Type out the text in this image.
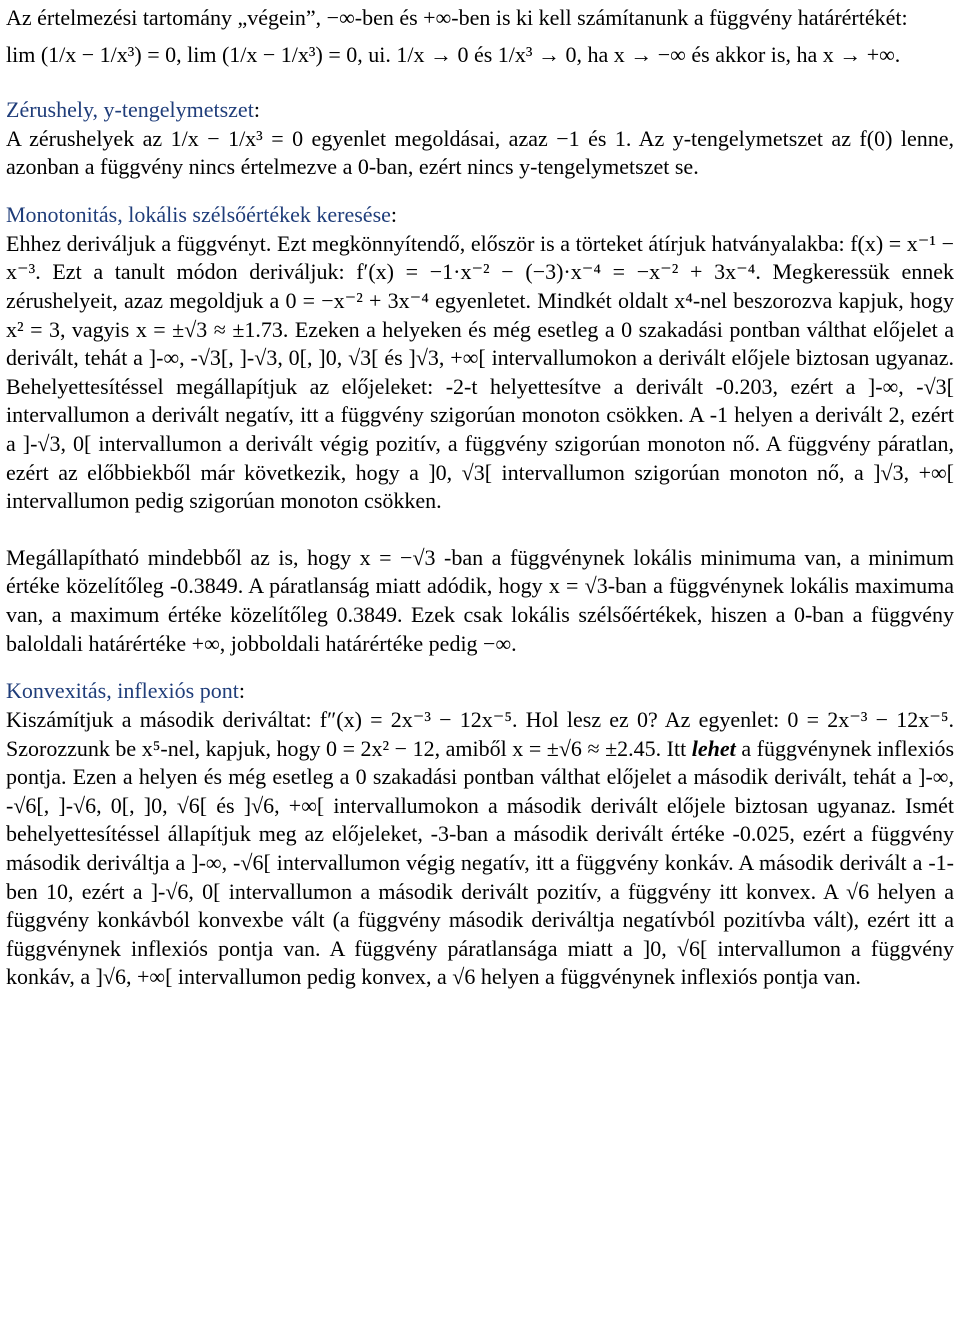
Az értelmezési tartomány „végein”, −∞-ben és +∞-ben is ki kell számítanunk a függvény határértékét:

lim (1/x − 1/x³) = 0, lim (1/x − 1/x³) = 0, ui. 1/x → 0 és 1/x³ → 0, ha x → −∞ és akkor is, ha x → +∞.

Zérushely, y-tengelymetszet:

A zérushelyek az 1/x − 1/x³ = 0 egyenlet megoldásai, azaz −1 és 1. Az y-tengelymetszet az f(0) lenne, azonban a függvény nincs értelmezve a 0-ban, ezért nincs y-tengelymetszet se.

Monotonitás, lokális szélsőértékek keresése:

Ehhez deriváljuk a függvényt. Ezt megkönnyítendő, először is a törteket átírjuk hatványalakba: f(x) = x⁻¹ − x⁻³. Ezt a tanult módon deriváljuk: f′(x) = −1·x⁻² − (−3)·x⁻⁴ = −x⁻² + 3x⁻⁴. Megkeressük ennek zérushelyeit, azaz megoldjuk a 0 = −x⁻² + 3x⁻⁴ egyenletet. Mindkét oldalt x⁴-nel beszorozva kapjuk, hogy x² = 3, vagyis x = ±√3 ≈ ±1.73. Ezeken a helyeken és még esetleg a 0 szakadási pontban válthat előjelet a derivált, tehát a ]-∞, -√3[, ]-√3, 0[, ]0, √3[ és ]√3, +∞[ intervallumokon a derivált előjele biztosan ugyanaz. Behelyettesítéssel megállapítjuk az előjeleket: -2-t helyettesítve a derivált -0.203, ezért a ]-∞, -√3[ intervallumon a derivált negatív, itt a függvény szigorúan monoton csökken. A -1 helyen a derivált 2, ezért a ]-√3, 0[ intervallumon a derivált végig pozitív, a függvény szigorúan monoton nő. A függvény páratlan, ezért az előbbiekből már következik, hogy a ]0, √3[ intervallumon szigorúan monoton nő, a ]√3, +∞[ intervallumon pedig szigorúan monoton csökken.

Megállapítható mindebből az is, hogy x = −√3 -ban a függvénynek lokális minimuma van, a minimum értéke közelítőleg -0.3849. A páratlanság miatt adódik, hogy x = √3-ban a függvénynek lokális maximuma van, a maximum értéke közelítőleg 0.3849. Ezek csak lokális szélsőértékek, hiszen a 0-ban a függvény baloldali határértéke +∞, jobboldali határértéke pedig −∞.

Konvexitás, inflexiós pont:

Kiszámítjuk a második deriváltat: f″(x) = 2x⁻³ − 12x⁻⁵. Hol lesz ez 0? Az egyenlet: 0 = 2x⁻³ − 12x⁻⁵. Szorozzunk be x⁵-nel, kapjuk, hogy 0 = 2x² − 12, amiből x = ±√6 ≈ ±2.45. Itt lehet a függvénynek inflexiós pontja. Ezen a helyen és még esetleg a 0 szakadási pontban válthat előjelet a második derivált, tehát a ]-∞, -√6[, ]-√6, 0[, ]0, √6[ és ]√6, +∞[ intervallumokon a második derivált előjele biztosan ugyanaz. Ismét behelyettesítéssel állapítjuk meg az előjeleket, -3-ban a második derivált értéke -0.025, ezért a függvény második deriváltja a ]-∞, -√6[ intervallumon végig negatív, itt a függvény konkáv. A második derivált a -1-ben 10, ezért a ]-√6, 0[ intervallumon a második derivált pozitív, a függvény itt konvex. A √6 helyen a függvény konkávból konvexbe vált (a függvény második deriváltja negatívból pozitívba vált), ezért itt a függvénynek inflexiós pontja van. A függvény páratlansága miatt a ]0, √6[ intervallumon a függvény konkáv, a ]√6, +∞[ intervallumon pedig konvex, a √6 helyen a függvénynek inflexiós pontja van.
